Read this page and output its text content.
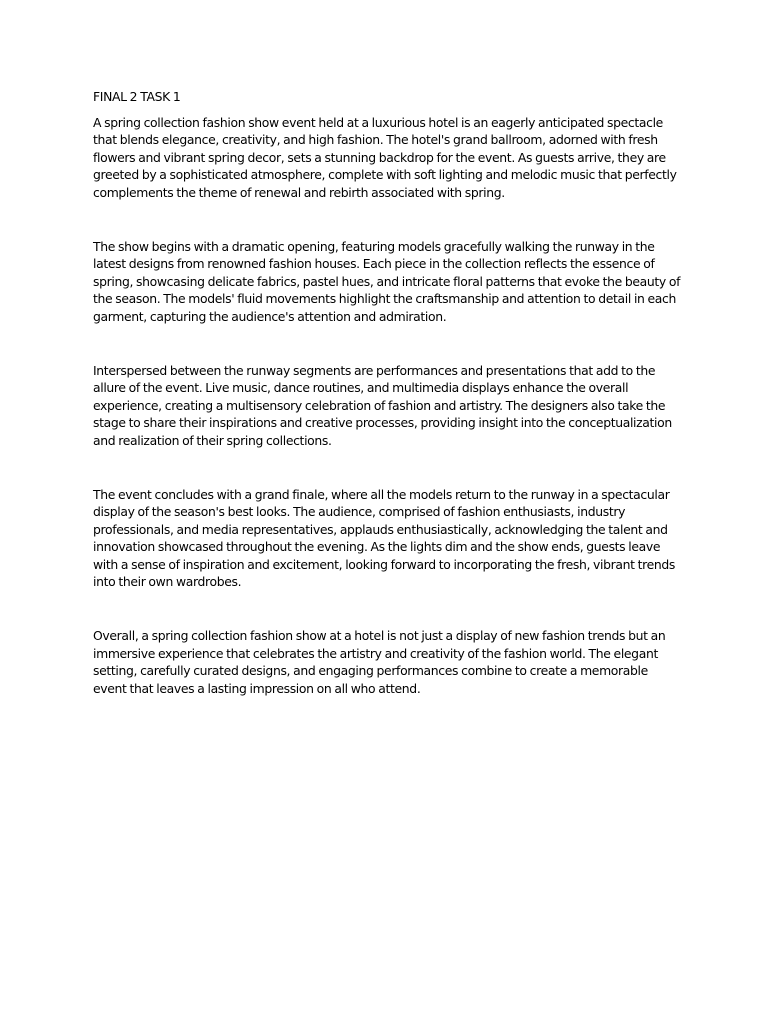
FINAL 2 TASK 1

A spring collection fashion show event held at a luxurious hotel is an eagerly anticipated spectacle that blends elegance, creativity, and high fashion. The hotel's grand ballroom, adorned with fresh flowers and vibrant spring decor, sets a stunning backdrop for the event. As guests arrive, they are greeted by a sophisticated atmosphere, complete with soft lighting and melodic music that perfectly complements the theme of renewal and rebirth associated with spring.

The show begins with a dramatic opening, featuring models gracefully walking the runway in the latest designs from renowned fashion houses. Each piece in the collection reflects the essence of spring, showcasing delicate fabrics, pastel hues, and intricate floral patterns that evoke the beauty of the season. The models' fluid movements highlight the craftsmanship and attention to detail in each garment, capturing the audience's attention and admiration.

Interspersed between the runway segments are performances and presentations that add to the allure of the event. Live music, dance routines, and multimedia displays enhance the overall experience, creating a multisensory celebration of fashion and artistry. The designers also take the stage to share their inspirations and creative processes, providing insight into the conceptualization and realization of their spring collections.

The event concludes with a grand finale, where all the models return to the runway in a spectacular display of the season's best looks. The audience, comprised of fashion enthusiasts, industry professionals, and media representatives, applauds enthusiastically, acknowledging the talent and innovation showcased throughout the evening. As the lights dim and the show ends, guests leave with a sense of inspiration and excitement, looking forward to incorporating the fresh, vibrant trends into their own wardrobes.

Overall, a spring collection fashion show at a hotel is not just a display of new fashion trends but an immersive experience that celebrates the artistry and creativity of the fashion world. The elegant setting, carefully curated designs, and engaging performances combine to create a memorable event that leaves a lasting impression on all who attend.
